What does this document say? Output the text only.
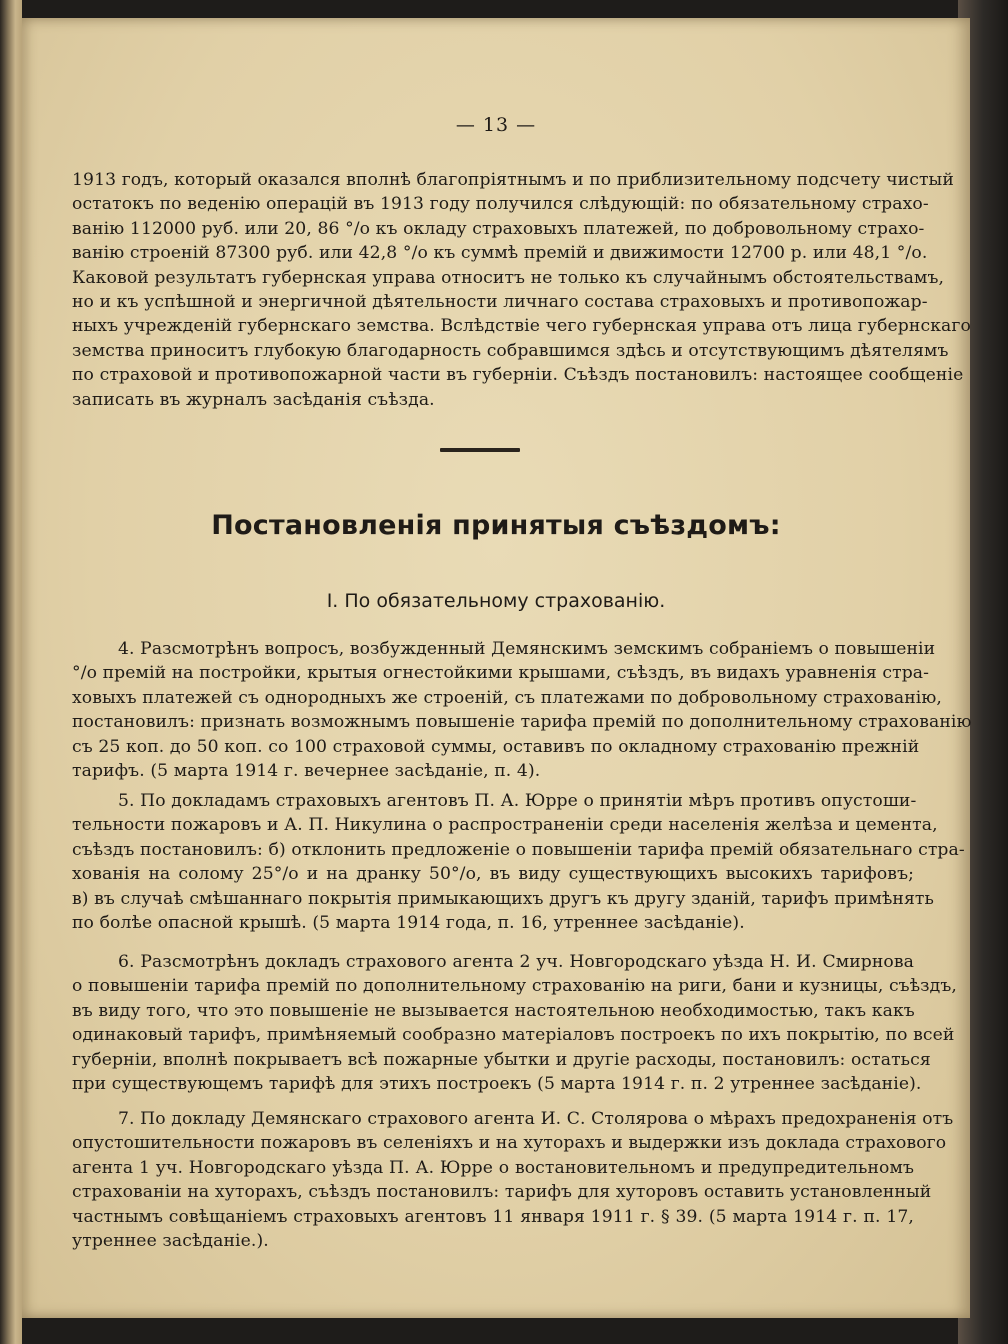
— 13 —
1913 годъ, который оказался вполнѣ благопріятнымъ и по приблизительному подсчету чистый
остатокъ по веденію операцій въ 1913 году получился слѣдующій: по обязательному страхо-
ванію 112000 руб. или 20, 86 °/о къ окладу страховыхъ платежей, по добровольному страхо-
ванію строеній 87300 руб. или 42,8 °/о къ суммѣ премій и движимости 12700 р. или 48,1 °/о.
Каковой результатъ губернская управа относитъ не только къ случайнымъ обстоятельствамъ,
но и къ успѣшной и энергичной дѣятельности личнаго состава страховыхъ и противопожар-
ныхъ учрежденій губернскаго земства. Вслѣдствіе чего губернская управа отъ лица губернскаго
земства приноситъ глубокую благодарность собравшимся здѣсь и отсутствующимъ дѣятелямъ
по страховой и противопожарной части въ губерніи. Съѣздъ постановилъ: настоящее сообщеніе
записать въ журналъ засѣданія съѣзда.
Постановленія принятыя съѣздомъ:
I. По обязательному страхованію.
4. Разсмотрѣнъ вопросъ, возбужденный Демянскимъ земскимъ собраніемъ о повышеніи
°/о премій на постройки, крытыя огнестойкими крышами, съѣздъ, въ видахъ уравненія стра-
ховыхъ платежей съ однородныхъ же строеній, съ платежами по добровольному страхованію,
постановилъ: признать возможнымъ повышеніе тарифа премій по дополнительному страхованію
съ 25 коп. до 50 коп. со 100 страховой суммы, оставивъ по окладному страхованію прежній
тарифъ. (5 марта 1914 г. вечернее засѣданіе, п. 4).
5. По докладамъ страховыхъ агентовъ П. А. Юрре о принятіи мѣръ противъ опустоши-
тельности пожаровъ и А. П. Никулина о распространеніи среди населенія желѣза и цемента,
съѣздъ постановилъ: б) отклонить предложеніе о повышеніи тарифа премій обязательнаго стра-
хованія на солому 25°/о и на дранку 50°/о, въ виду существующихъ высокихъ тарифовъ;
в) въ случаѣ смѣшаннаго покрытія примыкающихъ другъ къ другу зданій, тарифъ примѣнять
по болѣе опасной крышѣ. (5 марта 1914 года, п. 16, утреннее засѣданіе).
6. Разсмотрѣнъ докладъ страхового агента 2 уч. Новгородскаго уѣзда Н. И. Смирнова
о повышеніи тарифа премій по дополнительному страхованію на риги, бани и кузницы, съѣздъ,
въ виду того, что это повышеніе не вызывается настоятельною необходимостью, такъ какъ
одинаковый тарифъ, примѣняемый сообразно матеріаловъ построекъ по ихъ покрытію, по всей
губерніи, вполнѣ покрываетъ всѣ пожарные убытки и другіе расходы, постановилъ: остаться
при существующемъ тарифѣ для этихъ построекъ (5 марта 1914 г. п. 2 утреннее засѣданіе).
7. По докладу Демянскаго страхового агента И. С. Столярова о мѣрахъ предохраненія отъ
опустошительности пожаровъ въ селеніяхъ и на хуторахъ и выдержки изъ доклада страхового
агента 1 уч. Новгородскаго уѣзда П. А. Юрре о востановительномъ и предупредительномъ
страхованіи на хуторахъ, съѣздъ постановилъ: тарифъ для хуторовъ оставить установленный
частнымъ совѣщаніемъ страховыхъ агентовъ 11 января 1911 г. § 39. (5 марта 1914 г. п. 17,
утреннее засѣданіе.).
